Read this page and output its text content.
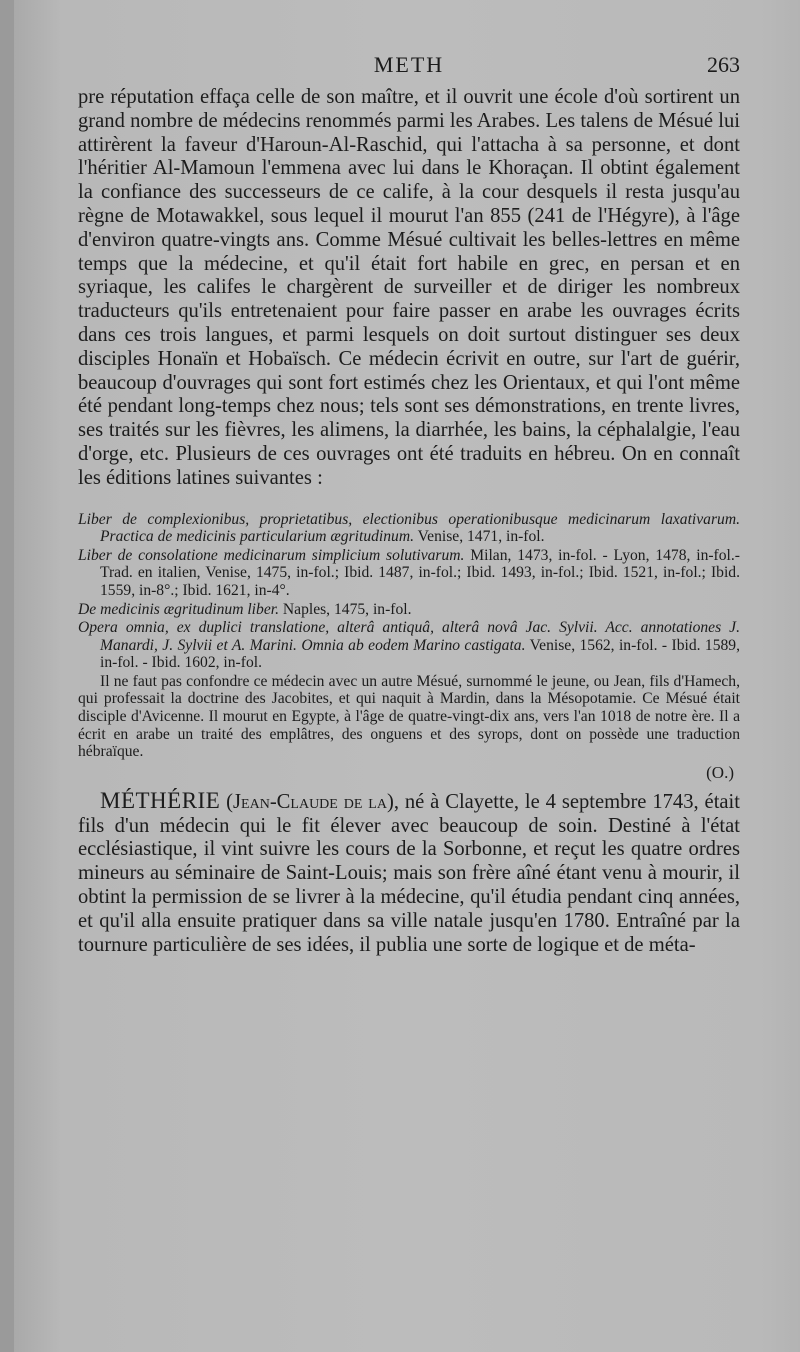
METH	263

pre réputation effaça celle de son maître, et il ouvrit une école d'où sortirent un grand nombre de médecins renommés parmi les Arabes. Les talens de Mésué lui attirèrent la faveur d'Haroun-Al-Raschid, qui l'attacha à sa personne, et dont l'héritier Al-Mamoun l'emmena avec lui dans le Khoraçan. Il obtint également la confiance des successeurs de ce calife, à la cour desquels il resta jusqu'au règne de Motawakkel, sous lequel il mourut l'an 855 (241 de l'Hégyre), à l'âge d'environ quatre-vingts ans. Comme Mésué cultivait les belles-lettres en même temps que la médecine, et qu'il était fort habile en grec, en persan et en syriaque, les califes le chargèrent de surveiller et de diriger les nombreux traducteurs qu'ils entretenaient pour faire passer en arabe les ouvrages écrits dans ces trois langues, et parmi lesquels on doit surtout distinguer ses deux disciples Honaïn et Hobaïsch. Ce médecin écrivit en outre, sur l'art de guérir, beaucoup d'ouvrages qui sont fort estimés chez les Orientaux, et qui l'ont même été pendant long-temps chez nous; tels sont ses démonstrations, en trente livres, ses traités sur les fièvres, les alimens, la diarrhée, les bains, la céphalalgie, l'eau d'orge, etc. Plusieurs de ces ouvrages ont été traduits en hébreu. On en connaît les éditions latines suivantes :

Liber de complexionibus, proprietatibus, electionibus operationibusque medicinarum laxativarum. Practica de medicinis particularium ægritudinum. Venise, 1471, in-fol.

Liber de consolatione medicinarum simplicium solutivarum. Milan, 1473, in-fol. - Lyon, 1478, in-fol.-Trad. en italien, Venise, 1475, in-fol.; Ibid. 1487, in-fol.; Ibid. 1493, in-fol.; Ibid. 1521, in-fol.; Ibid. 1559, in-8°.; Ibid. 1621, in-4°.

De medicinis ægritudinum liber. Naples, 1475, in-fol.

Opera omnia, ex duplici translatione, alterâ antiquâ, alterâ novâ Jac. Sylvii. Acc. annotationes J. Manardi, J. Sylvii et A. Marini. Omnia ab eodem Marino castigata. Venise, 1562, in-fol. - Ibid. 1589, in-fol. - Ibid. 1602, in-fol.

Il ne faut pas confondre ce médecin avec un autre Mésué, surnommé le jeune, ou Jean, fils d'Hamech, qui professait la doctrine des Jacobites, et qui naquit à Mardin, dans la Mésopotamie. Ce Mésué était disciple d'Avicenne. Il mourut en Egypte, à l'âge de quatre-vingt-dix ans, vers l'an 1018 de notre ère. Il a écrit en arabe un traité des emplâtres, des onguens et des syrops, dont on possède une traduction hébraïque.

(O.)

MÉTHÉRIE (Jean-Claude de la), né à Clayette, le 4 septembre 1743, était fils d'un médecin qui le fit élever avec beaucoup de soin. Destiné à l'état ecclésiastique, il vint suivre les cours de la Sorbonne, et reçut les quatre ordres mineurs au séminaire de Saint-Louis; mais son frère aîné étant venu à mourir, il obtint la permission de se livrer à la médecine, qu'il étudia pendant cinq années, et qu'il alla ensuite pratiquer dans sa ville natale jusqu'en 1780. Entraîné par la tournure particulière de ses idées, il publia une sorte de logique et de méta-
